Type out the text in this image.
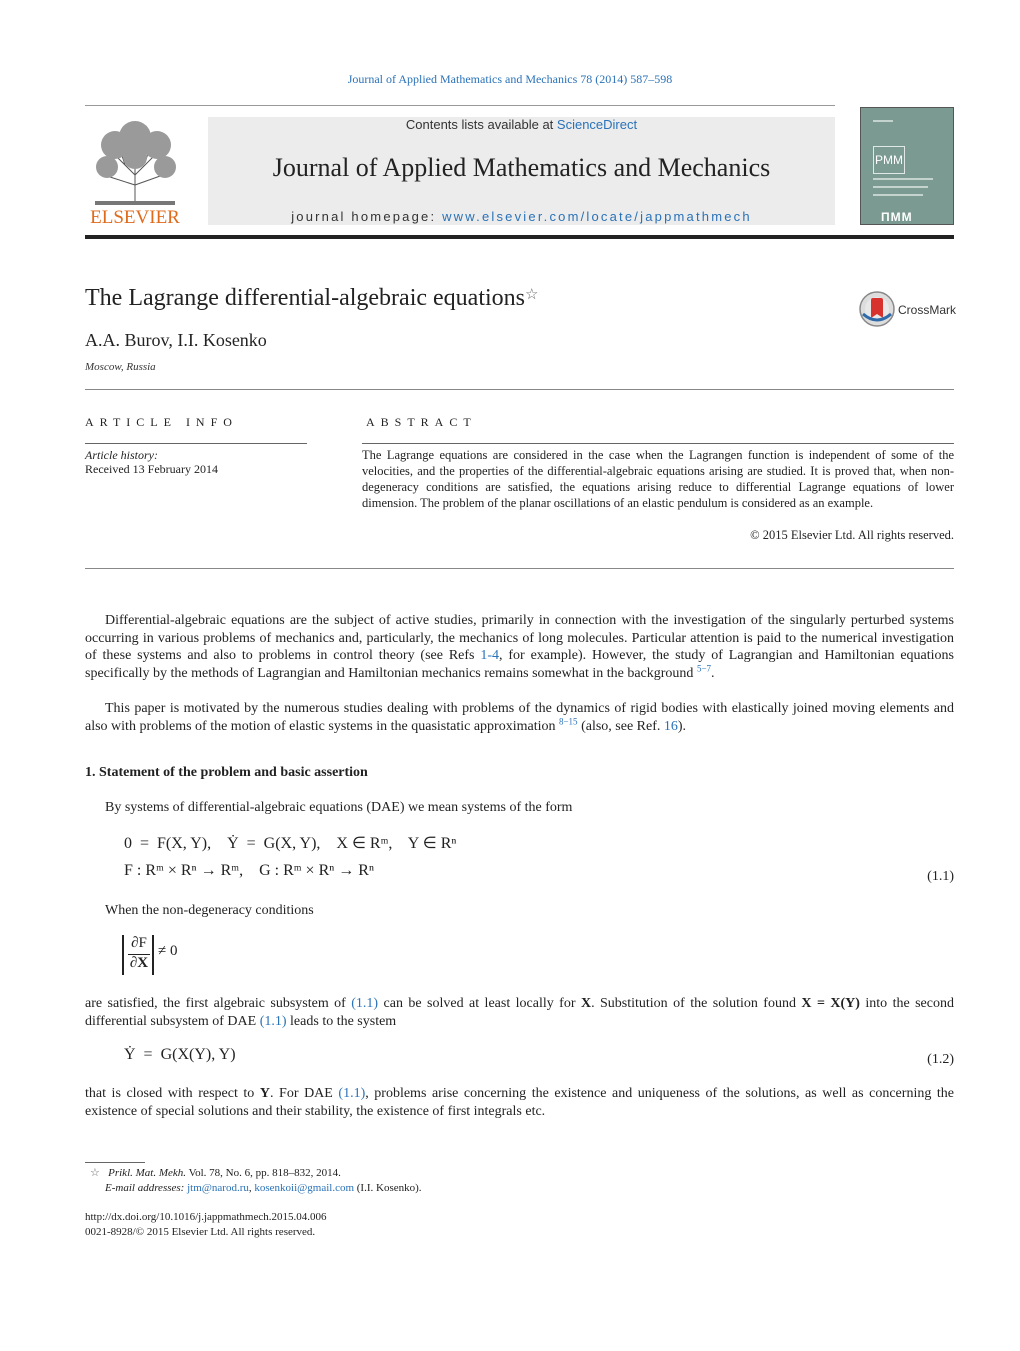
Journal of Applied Mathematics and Mechanics 78 (2014) 587–598
ELSEVIER
Contents lists available at ScienceDirect
Journal of Applied Mathematics and Mechanics
journal homepage: www.elsevier.com/locate/jappmathmech
PMM
ПММ
The Lagrange differential-algebraic equations☆
CrossMark
A.A. Burov, I.I. Kosenko
Moscow, Russia
ARTICLE INFO
Article history:
Received 13 February 2014
ABSTRACT
The Lagrange equations are considered in the case when the Lagrangen function is independent of some of the velocities, and the properties of the differential-algebraic equations arising are studied. It is proved that, when non-degeneracy conditions are satisfied, the equations arising reduce to differential Lagrange equations of lower dimension. The problem of the planar oscillations of an elastic pendulum is considered as an example.
© 2015 Elsevier Ltd. All rights reserved.
Differential-algebraic equations are the subject of active studies, primarily in connection with the investigation of the singularly perturbed systems occurring in various problems of mechanics and, particularly, the mechanics of long molecules. Particular attention is paid to the numerical investigation of these systems and also to problems in control theory (see Refs 1-4, for example). However, the study of Lagrangian and Hamiltonian equations specifically by the methods of Lagrangian and Hamiltonian mechanics remains somewhat in the background $^{5-7}$.
This paper is motivated by the numerous studies dealing with problems of the dynamics of rigid bodies with elastically joined moving elements and also with problems of the motion of elastic systems in the quasistatic approximation $^{8-15}$ (also, see Ref. 16).
1. Statement of the problem and basic assertion
By systems of differential-algebraic equations (DAE) we mean systems of the form
0  =  F(X, Y),    Ẏ  =  G(X, Y),    X ∈ Rᵐ,    Y ∈ Rⁿ
F : Rᵐ × Rⁿ → Rᵐ,    G : Rᵐ × Rⁿ → Rⁿ	(1.1)
When the non-degeneracy conditions
∂F
∂X
≠ 0
are satisfied, the first algebraic subsystem of (1.1) can be solved at least locally for X. Substitution of the solution found X = X(Y) into the second differential subsystem of DAE (1.1) leads to the system
Ẏ  =  G(X(Y), Y)	(1.2)
that is closed with respect to Y. For DAE (1.1), problems arise concerning the existence and uniqueness of the solutions, as well as concerning the existence of special solutions and their stability, the existence of first integrals etc.
☆ Prikl. Mat. Mekh. Vol. 78, No. 6, pp. 818–832, 2014.
E-mail addresses: jtm@narod.ru, kosenkoii@gmail.com (I.I. Kosenko).
http://dx.doi.org/10.1016/j.jappmathmech.2015.04.006
0021-8928/© 2015 Elsevier Ltd. All rights reserved.
